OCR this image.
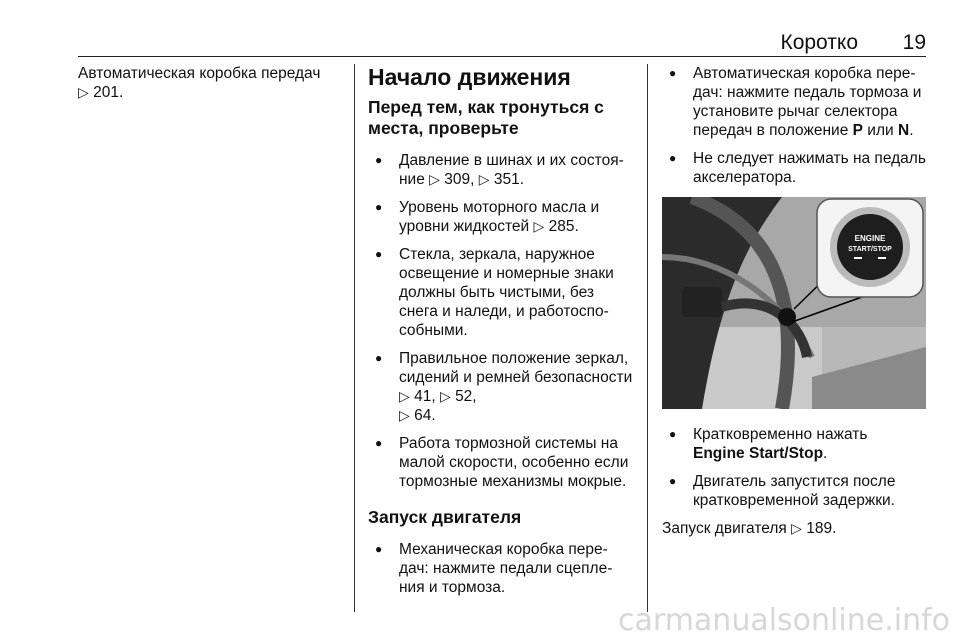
Коротко 19

Автоматическая коробка передач
▷ 201.

Начало движения
Перед тем, как тронуться с
места, проверьте
● Давление в шинах и их состоя-ние ▷ 309, ▷ 351.
● Уровень моторного масла и уровни жидкостей ▷ 285.
● Стекла, зеркала, наружное освещение и номерные знаки должны быть чистыми, без снега и наледи, и работоспо-собными.
● Правильное положение зеркал, сидений и ремней безопасности ▷ 41, ▷ 52,
▷ 64.
● Работа тормозной системы на малой скорости, особенно если тормозные механизмы мокрые.
Запуск двигателя
● Механическая коробка пере-дач: нажмите педали сцепле-ния и тормоза.
● Автоматическая коробка пере-дач: нажмите педаль тормоза и установите рычаг селектора передач в положение P или N.
● Не следует нажимать на педаль акселератора.
ENGINE
START/STOP
● Кратковременно нажать
Engine Start/Stop.
● Двигатель запустится после кратковременной задержки.

Запуск двигателя ▷ 189.

carmanualsonline.info
